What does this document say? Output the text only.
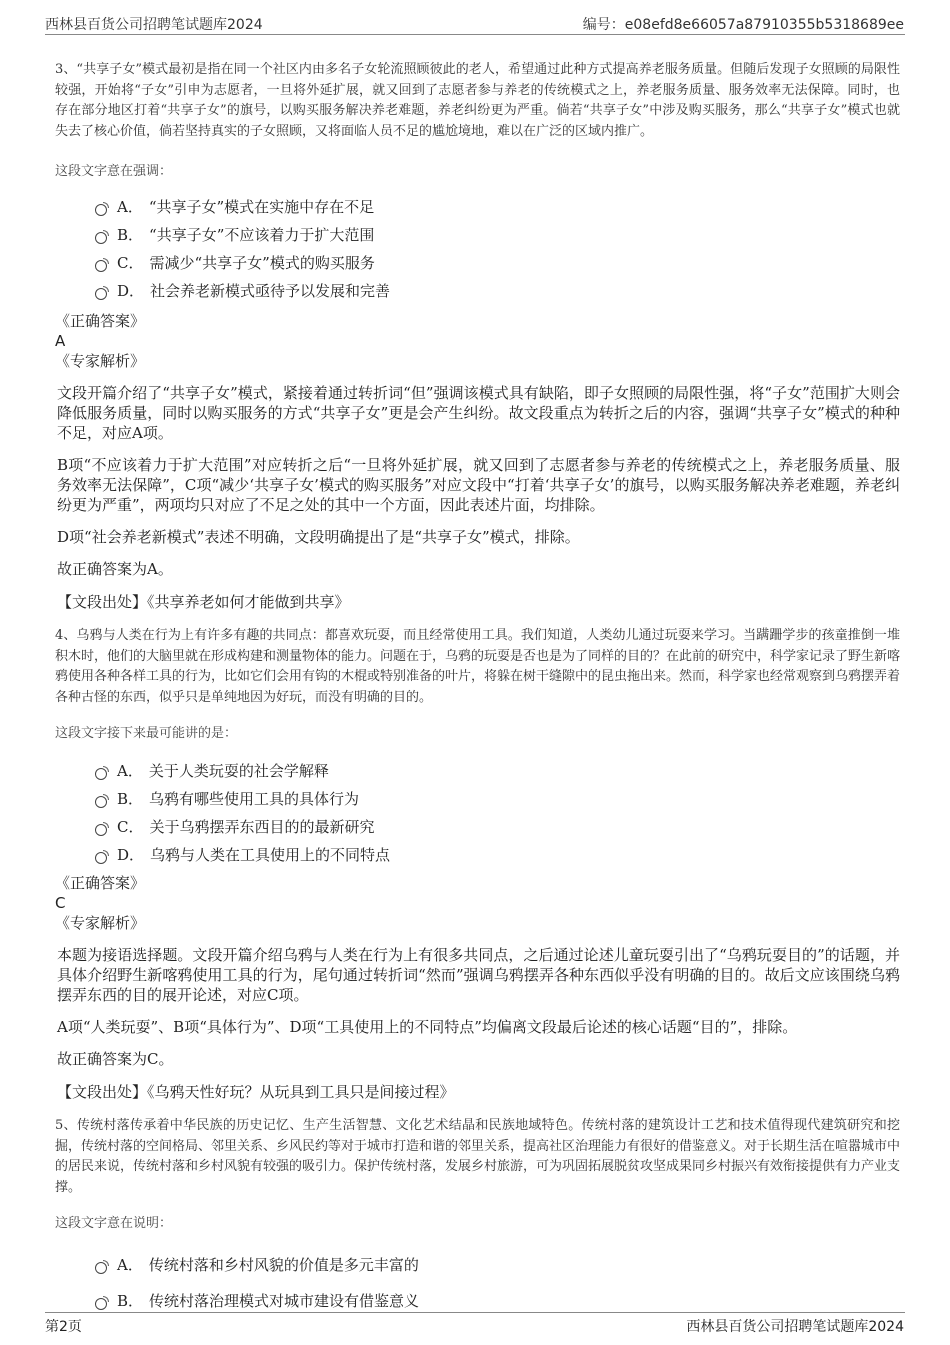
西林县百货公司招聘笔试题库2024	编号：e08efd8e66057a87910355b5318689ee

3、“共享子女”模式最初是指在同一个社区内由多名子女轮流照顾彼此的老人，希望通过此种方式提高养老服务质量。但随后发现子女照顾的局限性较强，开始将“子女”引申为志愿者，一旦将外延扩展，就又回到了志愿者参与养老的传统模式之上，养老服务质量、服务效率无法保障。同时，也存在部分地区打着“共享子女”的旗号，以购买服务解决养老难题，养老纠纷更为严重。倘若“共享子女”中涉及购买服务，那么“共享子女”模式也就失去了核心价值，倘若坚持真实的子女照顾，又将面临人员不足的尴尬境地，难以在广泛的区域内推广。

这段文字意在强调：

A． “共享子女”模式在实施中存在不足
B． “共享子女”不应该着力于扩大范围
C． 需减少“共享子女”模式的购买服务
D． 社会养老新模式亟待予以发展和完善

《正确答案》

A

《专家解析》

文段开篇介绍了“共享子女”模式，紧接着通过转折词“但”强调该模式具有缺陷，即子女照顾的局限性强，将“子女”范围扩大则会降低服务质量，同时以购买服务的方式“共享子女”更是会产生纠纷。故文段重点为转折之后的内容，强调“共享子女”模式的种种不足，对应A项。

B项“不应该着力于扩大范围”对应转折之后“一旦将外延扩展，就又回到了志愿者参与养老的传统模式之上，养老服务质量、服务效率无法保障”，C项“减少‘共享子女’模式的购买服务”对应文段中“打着‘共享子女’的旗号，以购买服务解决养老难题，养老纠纷更为严重”，两项均只对应了不足之处的其中一个方面，因此表述片面，均排除。

D项“社会养老新模式”表述不明确，文段明确提出了是“共享子女”模式，排除。

故正确答案为A。

【文段出处】《共享养老如何才能做到共享》

4、乌鸦与人类在行为上有许多有趣的共同点：都喜欢玩耍，而且经常使用工具。我们知道，人类幼儿通过玩耍来学习。当蹒跚学步的孩童推倒一堆积木时，他们的大脑里就在形成构建和测量物体的能力。问题在于，乌鸦的玩耍是否也是为了同样的目的？在此前的研究中，科学家记录了野生新喀鸦使用各种各样工具的行为，比如它们会用有钩的木棍或特别准备的叶片，将躲在树干缝隙中的昆虫拖出来。然而，科学家也经常观察到乌鸦摆弄着各种古怪的东西，似乎只是单纯地因为好玩，而没有明确的目的。

这段文字接下来最可能讲的是：

A． 关于人类玩耍的社会学解释
B． 乌鸦有哪些使用工具的具体行为
C． 关于乌鸦摆弄东西目的的最新研究
D． 乌鸦与人类在工具使用上的不同特点

《正确答案》

C

《专家解析》

本题为接语选择题。文段开篇介绍乌鸦与人类在行为上有很多共同点，之后通过论述儿童玩耍引出了“乌鸦玩耍目的”的话题，并具体介绍野生新喀鸦使用工具的行为，尾句通过转折词“然而”强调乌鸦摆弄各种东西似乎没有明确的目的。故后文应该围绕乌鸦摆弄东西的目的展开论述，对应C项。

A项“人类玩耍”、B项“具体行为”、D项“工具使用上的不同特点”均偏离文段最后论述的核心话题“目的”，排除。

故正确答案为C。

【文段出处】《乌鸦天性好玩？从玩具到工具只是间接过程》

5、传统村落传承着中华民族的历史记忆、生产生活智慧、文化艺术结晶和民族地域特色。传统村落的建筑设计工艺和技术值得现代建筑研究和挖掘，传统村落的空间格局、邻里关系、乡风民约等对于城市打造和谐的邻里关系，提高社区治理能力有很好的借鉴意义。对于长期生活在喧嚣城市中的居民来说，传统村落和乡村风貌有较强的吸引力。保护传统村落，发展乡村旅游，可为巩固拓展脱贫攻坚成果同乡村振兴有效衔接提供有力产业支撑。

这段文字意在说明：

A． 传统村落和乡村风貌的价值是多元丰富的
B． 传统村落治理模式对城市建设有借鉴意义
第2页	西林县百货公司招聘笔试题库2024
